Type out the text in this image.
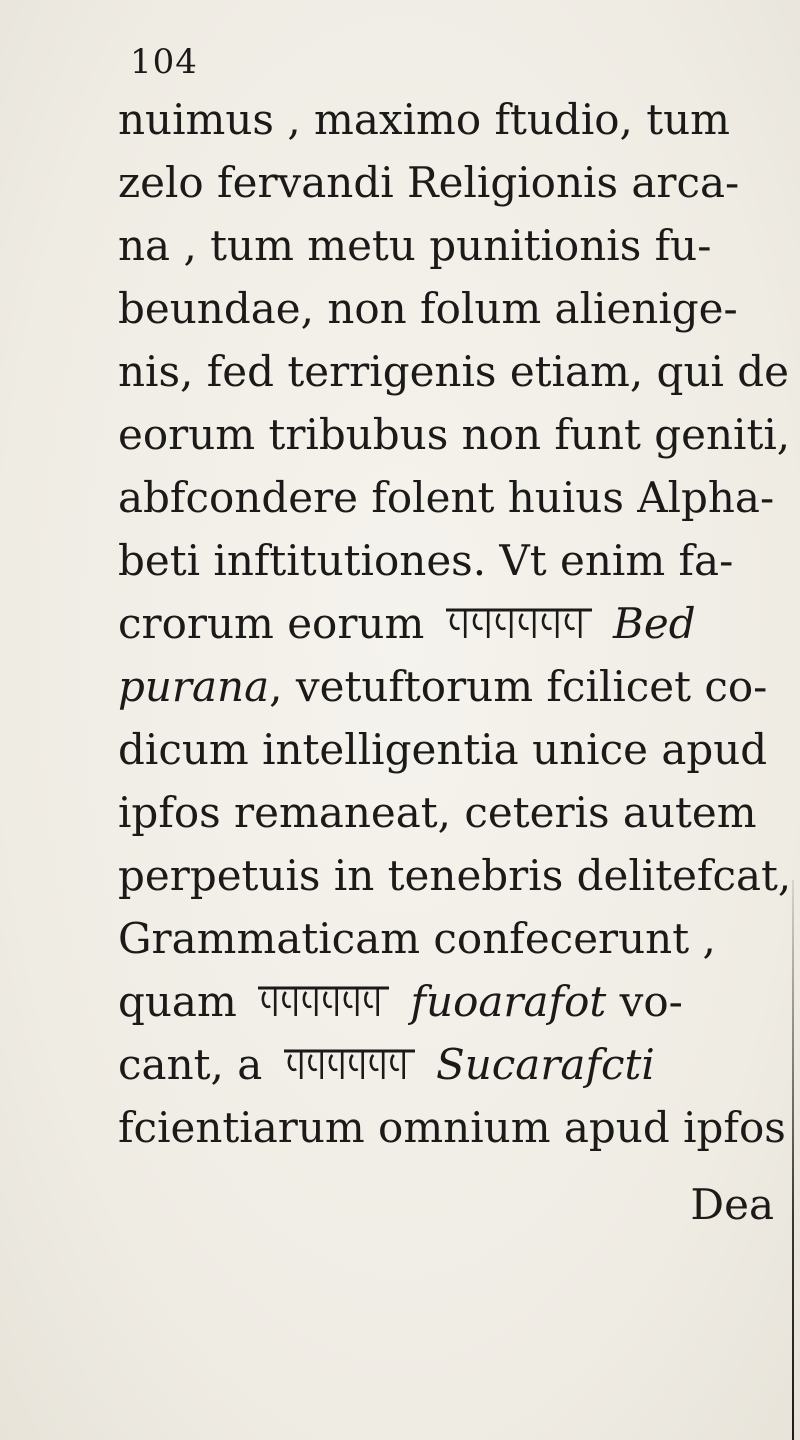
104
nuimus , maximo ftudio, tum
zelo fervandi Religionis arca-
na , tum metu punitionis fu-
beundae, non folum alienige-
nis, fed terrigenis etiam, qui de
eorum tribubus non funt geniti,
abfcondere folent huius Alpha-
beti inftitutiones. Vt enim fa-
crorum eorum	Bed
purana, vetuftorum fcilicet co-
dicum intelligentia unice apud
ipfos remaneat, ceteris autem
perpetuis in tenebris delitefcat,
Grammaticam confecerunt ,
quam	fuoarafot vo-
cant, a	Sucarafcti
fcientiarum omnium apud ipfos
Dea
